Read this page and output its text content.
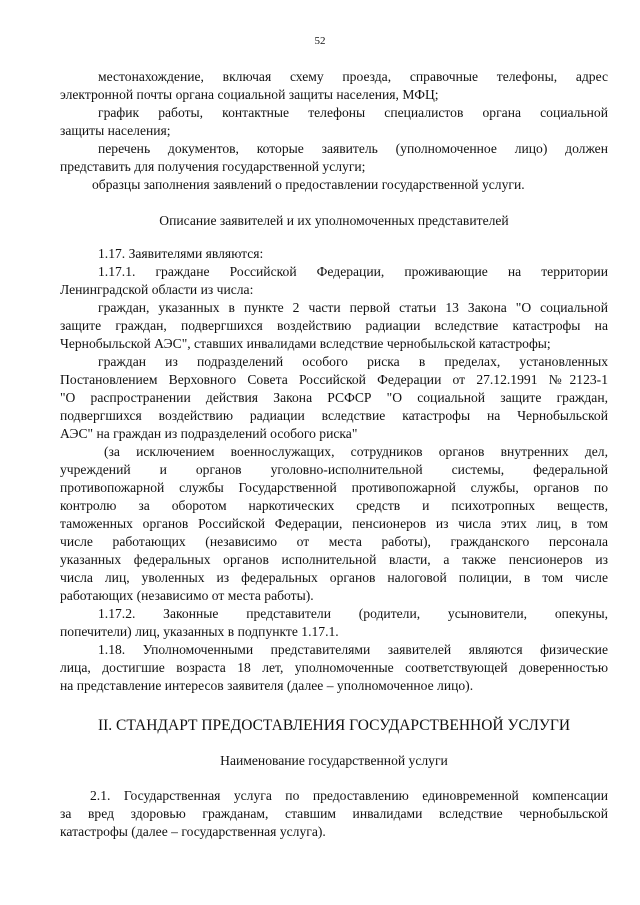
52
местонахождение, включая схему проезда, справочные телефоны, адрес
электронной почты органа социальной защиты населения, МФЦ;
график работы, контактные телефоны специалистов органа социальной
защиты населения;
перечень документов, которые заявитель (уполномоченное лицо) должен
представить для получения государственной услуги;
образцы заполнения заявлений о предоставлении государственной услуги.
Описание заявителей и их уполномоченных представителей
1.17. Заявителями являются:
1.17.1. граждане Российской Федерации, проживающие на территории
Ленинградской области из числа:
граждан, указанных в пункте 2 части первой статьи 13 Закона "О социальной
защите граждан, подвергшихся воздействию радиации вследствие катастрофы на
Чернобыльской АЭС", ставших инвалидами вследствие чернобыльской катастрофы;
граждан из подразделений особого риска в пределах, установленных
Постановлением Верховного Совета Российской Федерации от 27.12.1991 №2123-1
"О распространении действия Закона РСФСР "О социальной защите граждан,
подвергшихся воздействию радиации вследствие катастрофы на Чернобыльской
АЭС" на граждан из подразделений особого риска"
(за исключением военнослужащих, сотрудников органов внутренних дел,
учреждений и органов уголовно-исполнительной системы, федеральной
противопожарной службы Государственной противопожарной службы, органов по
контролю за оборотом наркотических средств и психотропных веществ,
таможенных органов Российской Федерации, пенсионеров из числа этих лиц, в том
числе работающих (независимо от места работы), гражданского персонала
указанных федеральных органов исполнительной власти, а также пенсионеров из
числа лиц, уволенных из федеральных органов налоговой полиции, в том числе
работающих (независимо от места работы).
1.17.2. Законные представители (родители, усыновители, опекуны,
попечители) лиц, указанных в подпункте 1.17.1.
1.18. Уполномоченными представителями заявителей являются физические
лица, достигшие возраста 18 лет, уполномоченные соответствующей доверенностью
на представление интересов заявителя (далее – уполномоченное лицо).
II. СТАНДАРТ ПРЕДОСТАВЛЕНИЯ ГОСУДАРСТВЕННОЙ УСЛУГИ
Наименование государственной услуги
2.1. Государственная услуга по предоставлению единовременной компенсации
за вред здоровью гражданам, ставшим инвалидами вследствие чернобыльской
катастрофы (далее – государственная услуга).
